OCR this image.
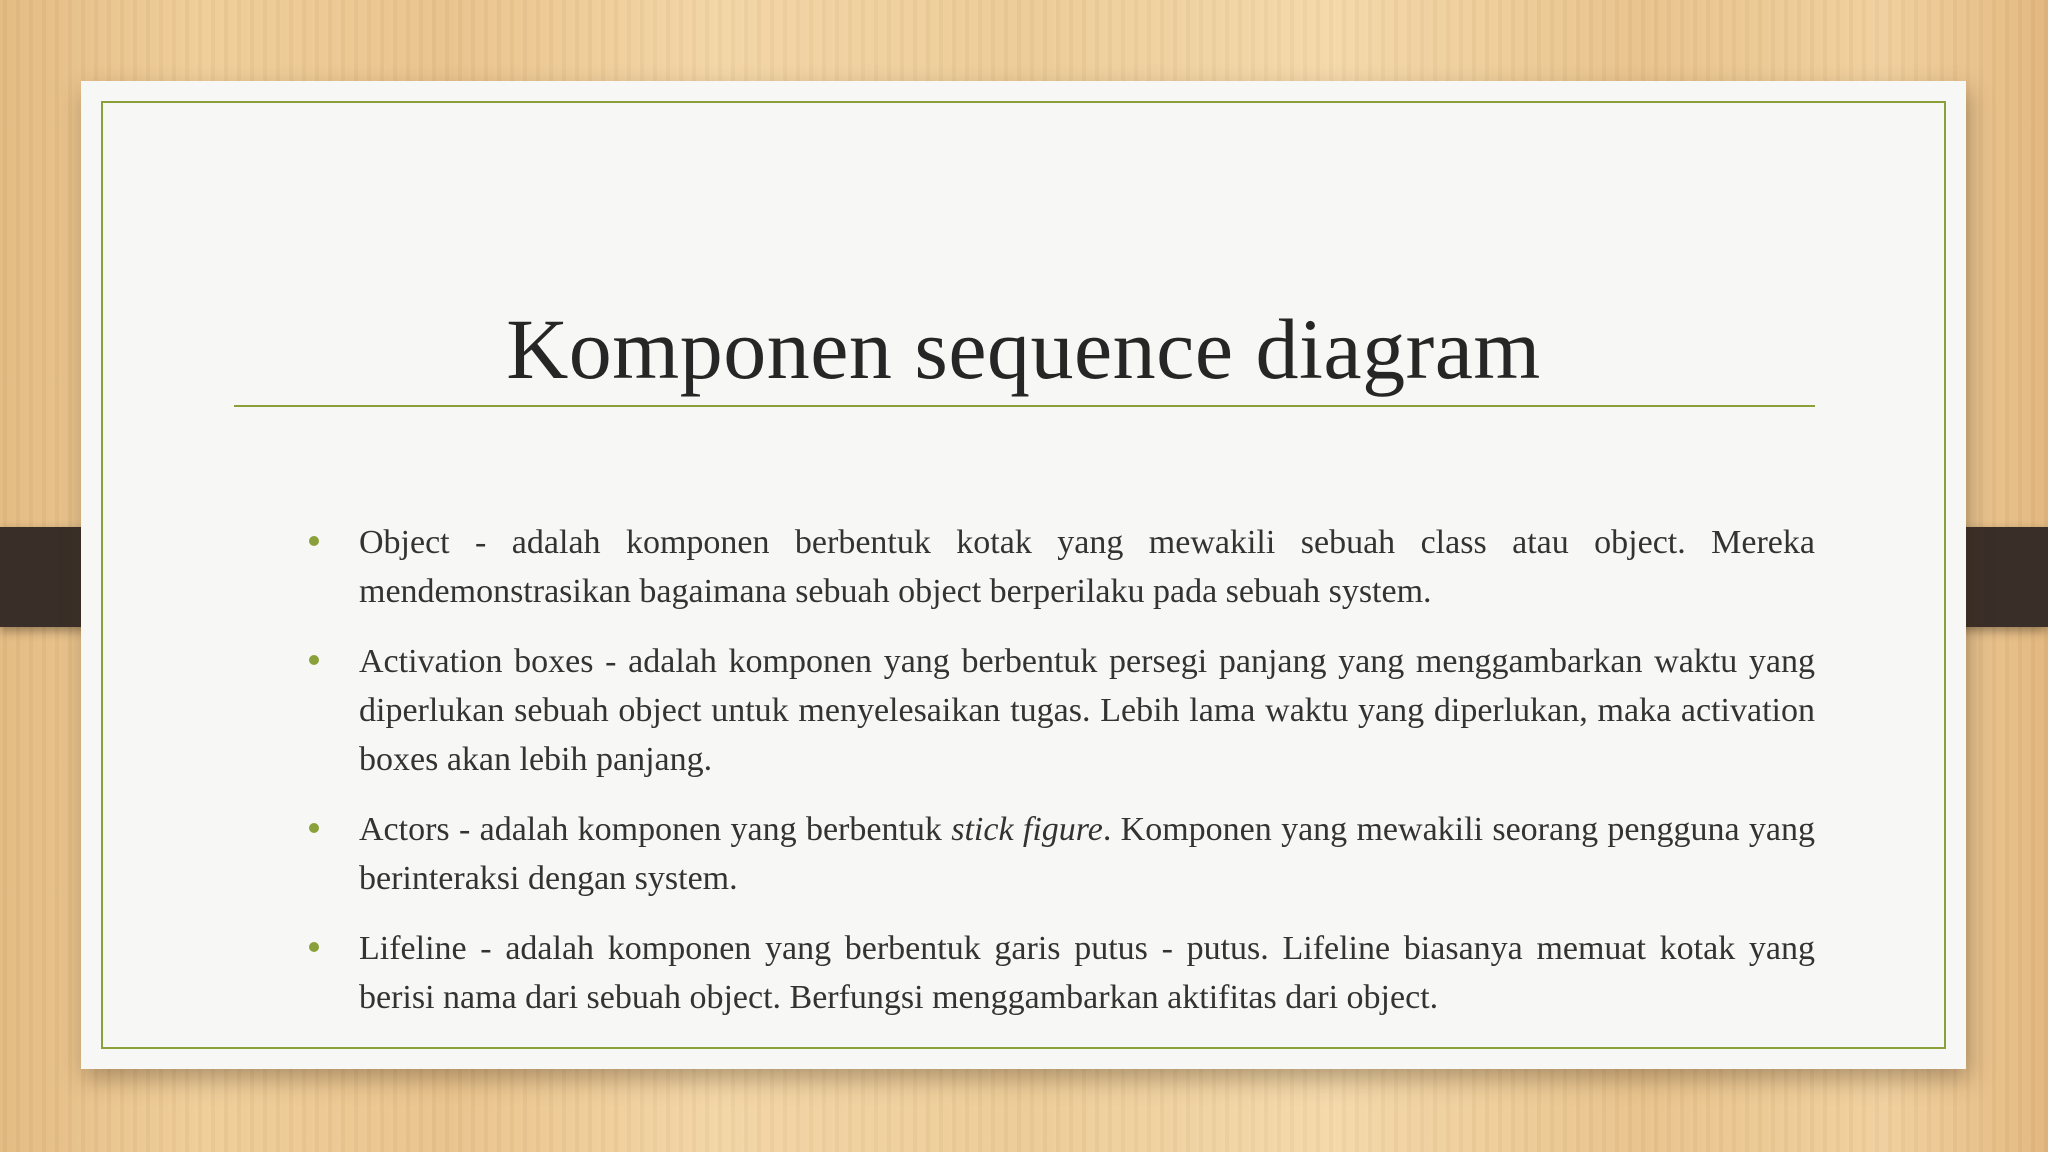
Komponen sequence diagram
Object - adalah komponen berbentuk kotak yang mewakili sebuah class atau object. Mereka mendemonstrasikan bagaimana sebuah object berperilaku pada sebuah system.
Activation boxes - adalah komponen yang berbentuk persegi panjang yang menggambarkan waktu yang diperlukan sebuah object untuk menyelesaikan tugas. Lebih lama waktu yang diperlukan, maka activation boxes akan lebih panjang.
Actors - adalah komponen yang berbentuk stick figure. Komponen yang mewakili seorang pengguna yang berinteraksi dengan system.
Lifeline - adalah komponen yang berbentuk garis putus - putus. Lifeline biasanya memuat kotak yang berisi nama dari sebuah object. Berfungsi menggambarkan aktifitas dari object.
